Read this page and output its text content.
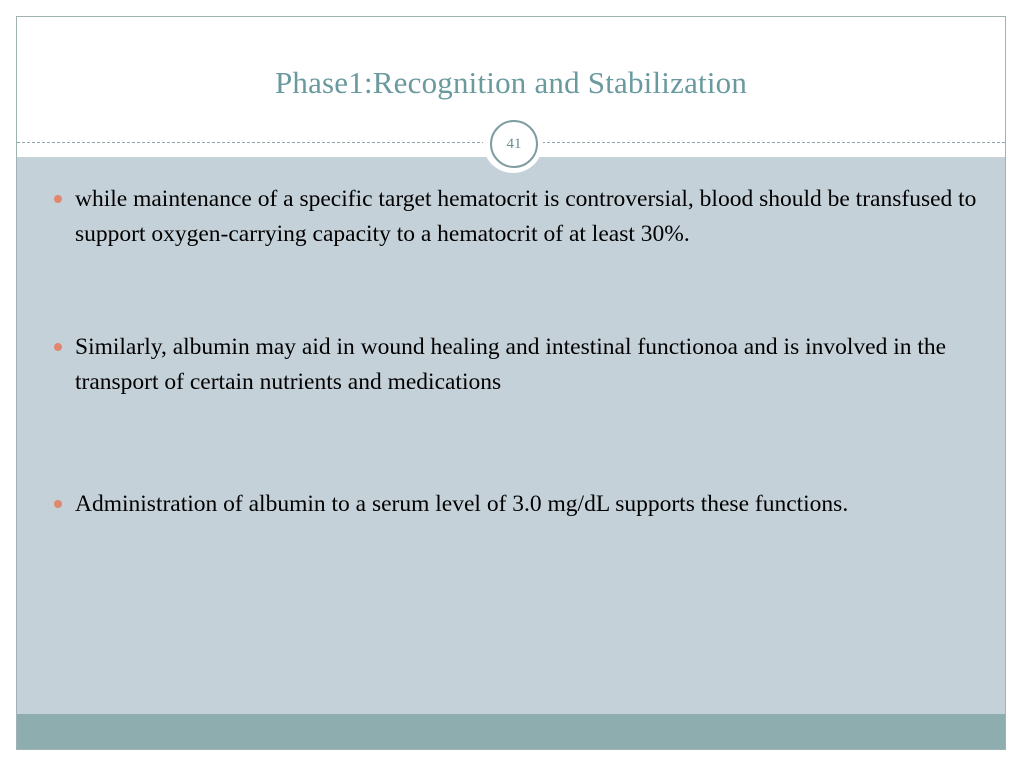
Phase1:Recognition and Stabilization
41
while maintenance of a specific target hematocrit is controversial, blood should be transfused to support oxygen-carrying capacity to a hematocrit of at least 30%.
Similarly, albumin may aid in wound healing and intestinal functionoa and is involved in the transport of certain nutrients and medications
Administration of albumin to a serum level of 3.0 mg/dL supports these functions.
